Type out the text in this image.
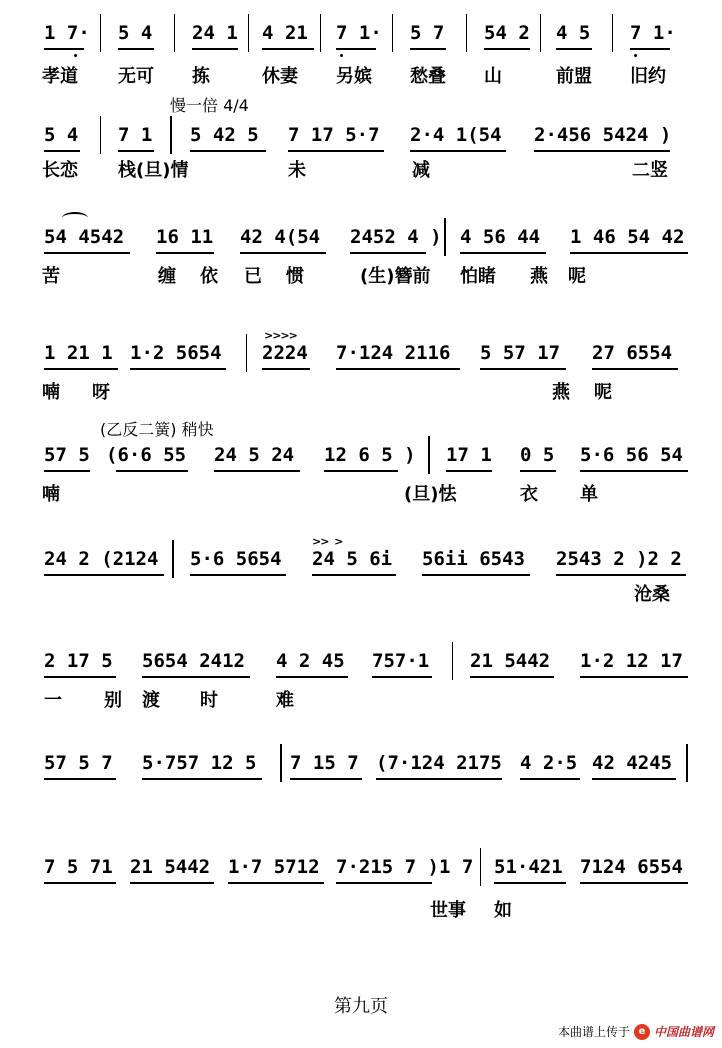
1 7· 5 4 24 1 4 21 7 1· 5 7 54 2 4 5 7 1·
孝道 无可 拣	休妻 另嫔 愁叠 山	前盟 旧约
慢一倍 4/4
5 4 7 1 5 42 5 7 17 5·7 2·4 1(54 2·456 5424 )
长恋 栈(旦)情	未	减	二竖
54 4542 16 11 42 4(54 2452 4 ) 4 56 44 1 46 54 42
苦	缠 依 已 惯	(生)簪前 怕睹 燕 呢
>>>>
1 21 1 1·2 5654 2224 7·124 2116 5 57 17 27 6554
喃 呀	燕 呢
(乙反二簧) 稍快
57 5 (6·6 55 24 5 24 12 6 5 ) 17 1 0 5 5·6 56 54
喃	(旦)怯	衣 单
>>  >
24 2 (2124 5·6 5654 24 5 6i 56ii 6543 2543 2 )2 2
沧桑
2 17 5 5654 2412 4 2 45 757·1 21 5442 1·2 12 17
一 别 渡 时	难
57 5 7 5·757 12 5 7 15 7 (7·124 2175 4 2·5 42 4245
7 5 71 21 5442 1·7 5712 7·215 7 )1 7 51·421 7124 6554
世事 如
第九页
本曲谱上传于 e 中国曲谱网
